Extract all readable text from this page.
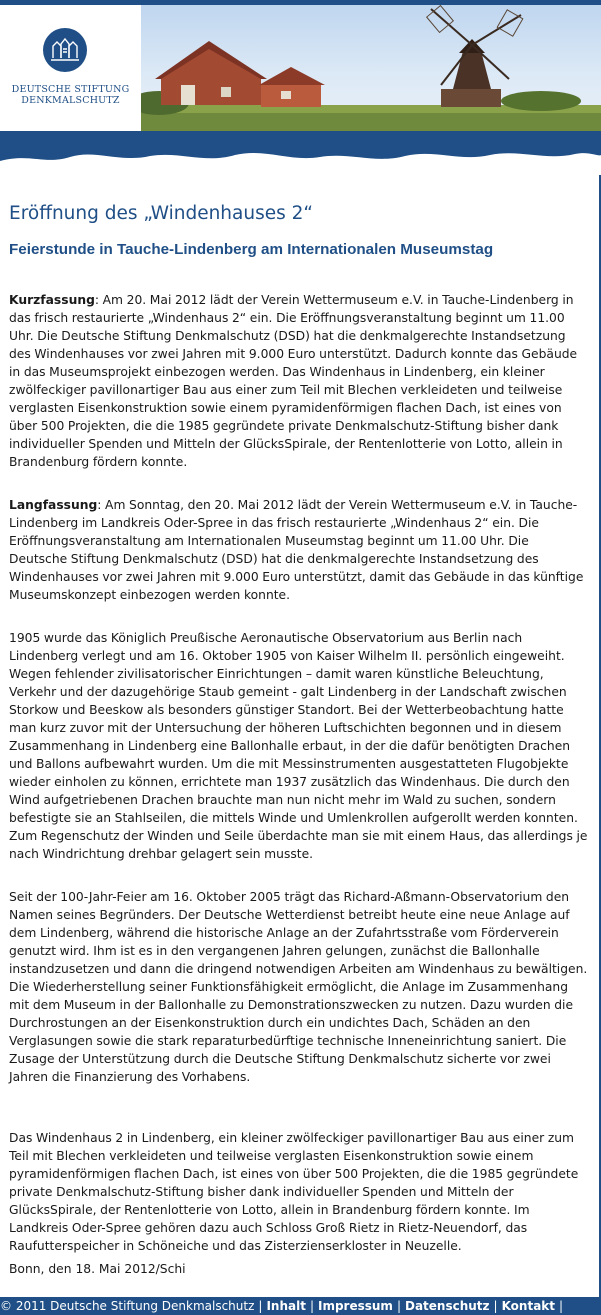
DEUTSCHE STIFTUNG
DENKMALSCHUTZ
Eröffnung des „Windenhauses 2“
Feierstunde in Tauche-Lindenberg am Internationalen Museumstag

Kurzfassung: Am 20. Mai 2012 lädt der Verein Wettermuseum e.V. in Tauche-Lindenberg in das frisch restaurierte „Windenhaus 2“ ein. Die Eröffnungsveranstaltung beginnt um 11.00 Uhr. Die Deutsche Stiftung Denkmalschutz (DSD) hat die denkmalgerechte Instandsetzung des Windenhauses vor zwei Jahren mit 9.000 Euro unterstützt. Dadurch konnte das Gebäude in das Museumsprojekt einbezogen werden. Das Windenhaus in Lindenberg, ein kleiner zwölfeckiger pavillonartiger Bau aus einer zum Teil mit Blechen verkleideten und teilweise verglasten Eisenkonstruktion sowie einem pyramidenförmigen flachen Dach, ist eines von über 500 Projekten, die die 1985 gegründete private Denkmalschutz-Stiftung bisher dank individueller Spenden und Mitteln der GlücksSpirale, der Rentenlotterie von Lotto, allein in Brandenburg fördern konnte.

Langfassung: Am Sonntag, den 20. Mai 2012 lädt der Verein Wettermuseum e.V. in Tauche-Lindenberg im Landkreis Oder-Spree in das frisch restaurierte „Windenhaus 2“ ein. Die Eröffnungsveranstaltung am Internationalen Museumstag beginnt um 11.00 Uhr. Die Deutsche Stiftung Denkmalschutz (DSD) hat die denkmalgerechte Instandsetzung des Windenhauses vor zwei Jahren mit 9.000 Euro unterstützt, damit das Gebäude in das künftige Museumskonzept einbezogen werden konnte.

1905 wurde das Königlich Preußische Aeronautische Observatorium aus Berlin nach Lindenberg verlegt und am 16. Oktober 1905 von Kaiser Wilhelm II. persönlich eingeweiht. Wegen fehlender zivilisatorischer Einrichtungen – damit waren künstliche Beleuchtung, Verkehr und der dazugehörige Staub gemeint - galt Lindenberg in der Landschaft zwischen Storkow und Beeskow als besonders günstiger Standort. Bei der Wetterbeobachtung hatte man kurz zuvor mit der Untersuchung der höheren Luftschichten begonnen und in diesem Zusammenhang in Lindenberg eine Ballonhalle erbaut, in der die dafür benötigten Drachen und Ballons aufbewahrt wurden. Um die mit Messinstrumenten ausgestatteten Flugobjekte wieder einholen zu können, errichtete man 1937 zusätzlich das Windenhaus. Die durch den Wind aufgetriebenen Drachen brauchte man nun nicht mehr im Wald zu suchen, sondern befestigte sie an Stahlseilen, die mittels Winde und Umlenkrollen aufgerollt werden konnten. Zum Regenschutz der Winden und Seile überdachte man sie mit einem Haus, das allerdings je nach Windrichtung drehbar gelagert sein musste.

Seit der 100-Jahr-Feier am 16. Oktober 2005 trägt das Richard-Aßmann-Observatorium den Namen seines Begründers. Der Deutsche Wetterdienst betreibt heute eine neue Anlage auf dem Lindenberg, während die historische Anlage an der Zufahrtsstraße vom Förderverein genutzt wird. Ihm ist es in den vergangenen Jahren gelungen, zunächst die Ballonhalle instandzusetzen und dann die dringend notwendigen Arbeiten am Windenhaus zu bewältigen. Die Wiederherstellung seiner Funktionsfähigkeit ermöglicht, die Anlage im Zusammenhang mit dem Museum in der Ballonhalle zu Demonstrationszwecken zu nutzen. Dazu wurden die Durchrostungen an der Eisenkonstruktion durch ein undichtes Dach, Schäden an den Verglasungen sowie die stark reparaturbedürftige technische Inneneinrichtung saniert. Die Zusage der Unterstützung durch die Deutsche Stiftung Denkmalschutz sicherte vor zwei Jahren die Finanzierung des Vorhabens.

Das Windenhaus 2 in Lindenberg, ein kleiner zwölfeckiger pavillonartiger Bau aus einer zum Teil mit Blechen verkleideten und teilweise verglasten Eisenkonstruktion sowie einem pyramidenförmigen flachen Dach, ist eines von über 500 Projekten, die die 1985 gegründete private Denkmalschutz-Stiftung bisher dank individueller Spenden und Mitteln der GlücksSpirale, der Rentenlotterie von Lotto, allein in Brandenburg fördern konnte. Im Landkreis Oder-Spree gehören dazu auch Schloss Groß Rietz in Rietz-Neuendorf, das Raufutterspeicher in Schöneiche und das Zisterzienserkloster in Neuzelle.

Bonn, den 18. Mai 2012/Schi
© 2011 Deutsche Stiftung Denkmalschutz | Inhalt | Impressum | Datenschutz | Kontakt |
